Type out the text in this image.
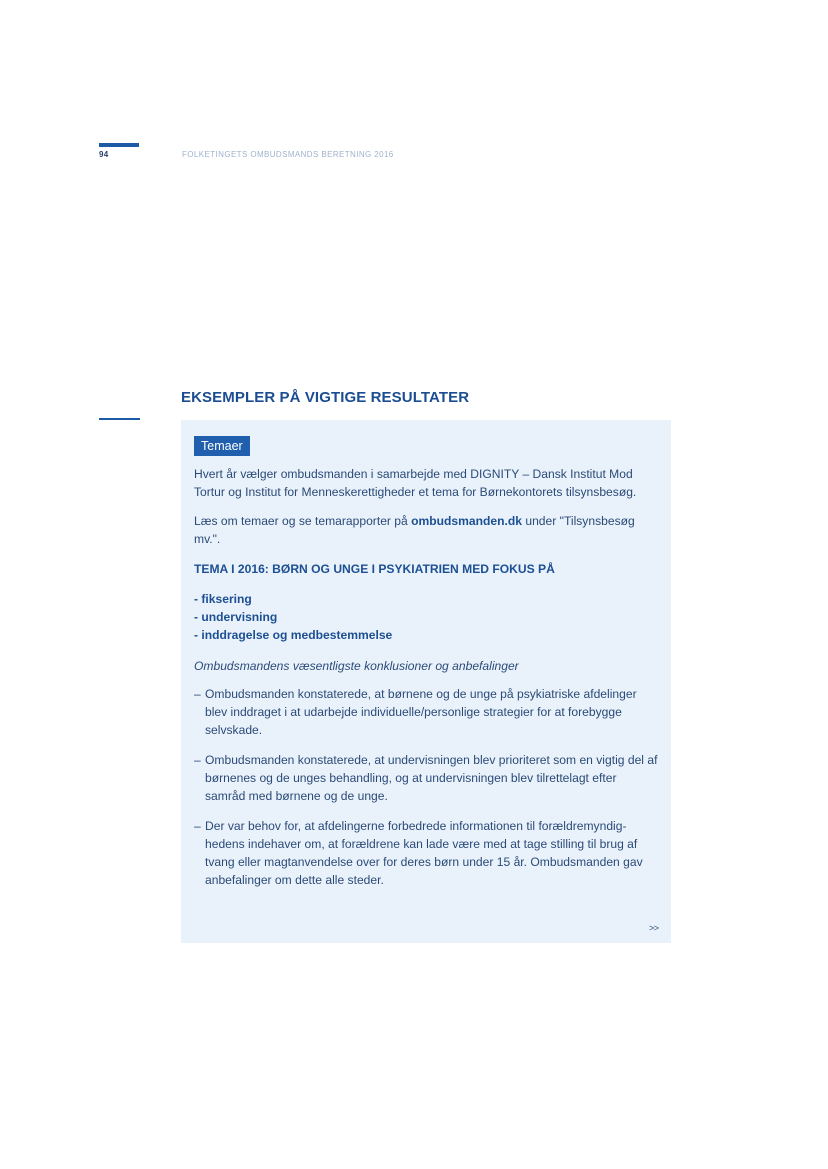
94	FOLKETINGETS OMBUDSMANDS BERETNING 2016
EKSEMPLER PÅ VIGTIGE RESULTATER
Temaer

Hvert år vælger ombudsmanden i samarbejde med DIGNITY – Dansk Institut Mod Tortur og Institut for Menneskerettigheder et tema for Børnekontorets tilsynsbesøg.

Læs om temaer og se temarapporter på ombudsmanden.dk under "Tilsynsbesøg mv.".

TEMA I 2016: BØRN OG UNGE I PSYKIATRIEN MED FOKUS PÅ

- fiksering
- undervisning
- inddragelse og medbestemmelse

Ombudsmandens væsentligste konklusioner og anbefalinger

– Ombudsmanden konstaterede, at børnene og de unge på psykiatriske afdelinger blev inddraget i at udarbejde individuelle/personlige strategier for at forebygge selvskade.
– Ombudsmanden konstaterede, at undervisningen blev prioriteret som en vigtig del af børnenes og de unges behandling, og at undervisningen blev tilrettelagt efter samråd med børnene og de unge.
– Der var behov for, at afdelingerne forbedrede informationen til forældremyndighedens indehaver om, at forældrene kan lade være med at tage stilling til brug af tvang eller magtanvendelse over for deres børn under 15 år. Ombudsmanden gav anbefalinger om dette alle steder.
>>
